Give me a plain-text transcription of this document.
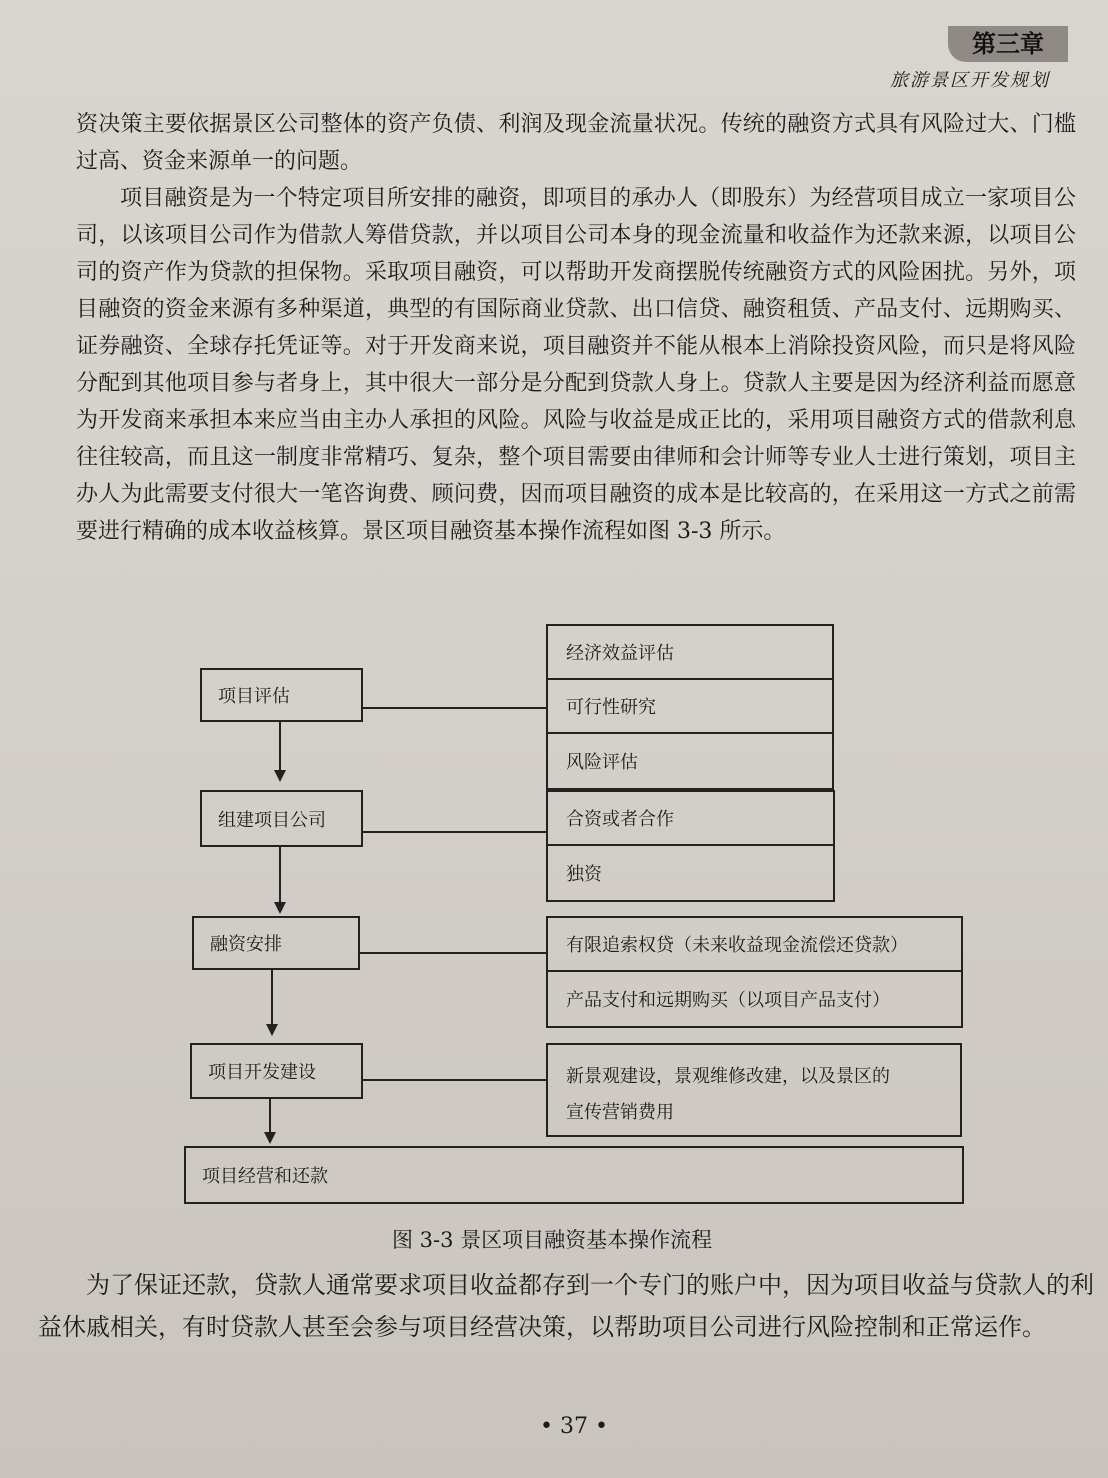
第三章
旅游景区开发规划

资决策主要依据景区公司整体的资产负债、利润及现金流量状况。传统的融资方式具有风险过大、门槛过高、资金来源单一的问题。

项目融资是为一个特定项目所安排的融资，即项目的承办人（即股东）为经营项目成立一家项目公司，以该项目公司作为借款人筹借贷款，并以项目公司本身的现金流量和收益作为还款来源，以项目公司的资产作为贷款的担保物。采取项目融资，可以帮助开发商摆脱传统融资方式的风险困扰。另外，项目融资的资金来源有多种渠道，典型的有国际商业贷款、出口信贷、融资租赁、产品支付、远期购买、证券融资、全球存托凭证等。对于开发商来说，项目融资并不能从根本上消除投资风险，而只是将风险分配到其他项目参与者身上，其中很大一部分是分配到贷款人身上。贷款人主要是因为经济利益而愿意为开发商来承担本来应当由主办人承担的风险。风险与收益是成正比的，采用项目融资方式的借款利息往往较高，而且这一制度非常精巧、复杂，整个项目需要由律师和会计师等专业人士进行策划，项目主办人为此需要支付很大一笔咨询费、顾问费，因而项目融资的成本是比较高的，在采用这一方式之前需要进行精确的成本收益核算。景区项目融资基本操作流程如图 3-3 所示。

项目评估
组建项目公司
融资安排
项目开发建设
项目经营和还款
经济效益评估
可行性研究
风险评估
合资或者合作
独资
有限追索权贷（未来收益现金流偿还贷款）
产品支付和远期购买（以项目产品支付）
新景观建设，景观维修改建，以及景区的
宣传营销费用
图 3-3 景区项目融资基本操作流程

为了保证还款，贷款人通常要求项目收益都存到一个专门的账户中，因为项目收益与贷款人的利益休戚相关，有时贷款人甚至会参与项目经营决策，以帮助项目公司进行风险控制和正常运作。

• 37 •
